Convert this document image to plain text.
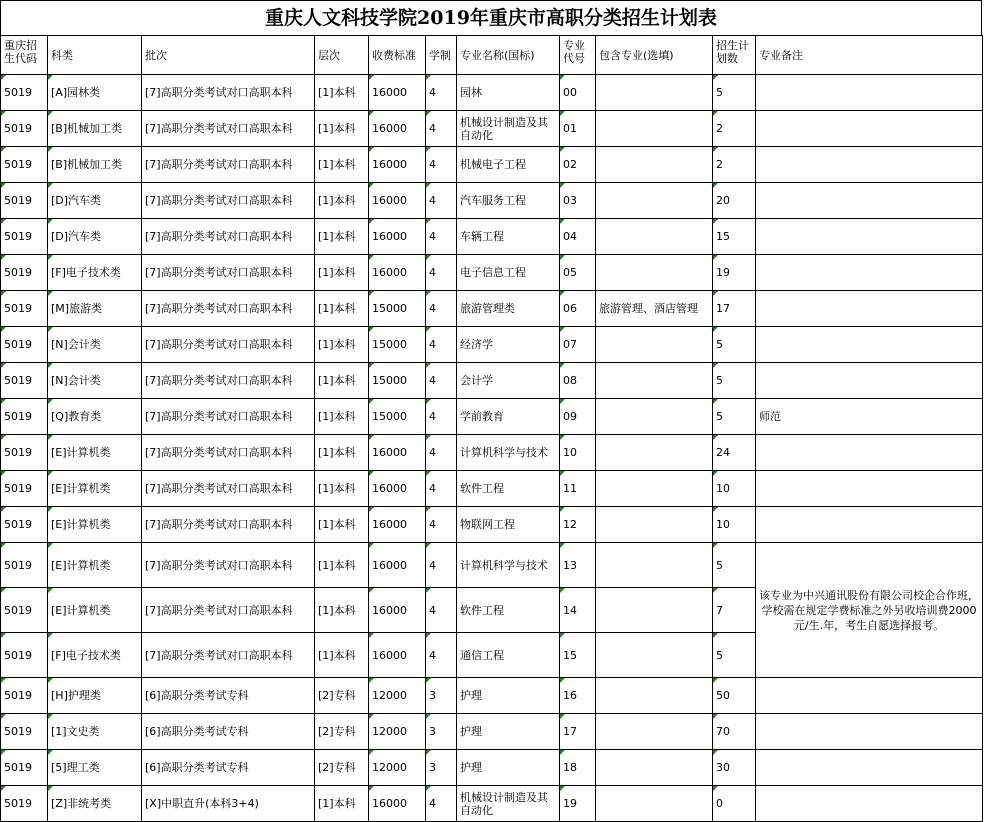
重庆人文科技学院2019年重庆市高职分类招生计划表
重庆招生代码	科类	批次	层次	收费标准	学制	专业名称(国标)	专业代号	包含专业(选填)	招生计划数	专业备注
5019	[A]园林类	[7]高职分类考试对口高职本科	[1]本科	16000	4	园林	00		5	
5019	[B]机械加工类	[7]高职分类考试对口高职本科	[1]本科	16000	4	机械设计制造及其自动化	01		2	
5019	[B]机械加工类	[7]高职分类考试对口高职本科	[1]本科	16000	4	机械电子工程	02		2	
5019	[D]汽车类	[7]高职分类考试对口高职本科	[1]本科	16000	4	汽车服务工程	03		20	
5019	[D]汽车类	[7]高职分类考试对口高职本科	[1]本科	16000	4	车辆工程	04		15	
5019	[F]电子技术类	[7]高职分类考试对口高职本科	[1]本科	16000	4	电子信息工程	05		19	
5019	[M]旅游类	[7]高职分类考试对口高职本科	[1]本科	15000	4	旅游管理类	06	旅游管理、酒店管理	17	
5019	[N]会计类	[7]高职分类考试对口高职本科	[1]本科	15000	4	经济学	07		5	
5019	[N]会计类	[7]高职分类考试对口高职本科	[1]本科	15000	4	会计学	08		5	
5019	[Q]教育类	[7]高职分类考试对口高职本科	[1]本科	15000	4	学前教育	09		5	师范
5019	[E]计算机类	[7]高职分类考试对口高职本科	[1]本科	16000	4	计算机科学与技术	10		24	
5019	[E]计算机类	[7]高职分类考试对口高职本科	[1]本科	16000	4	软件工程	11		10	
5019	[E]计算机类	[7]高职分类考试对口高职本科	[1]本科	16000	4	物联网工程	12		10	
5019	[E]计算机类	[7]高职分类考试对口高职本科	[1]本科	16000	4	计算机科学与技术	13		5	该专业为中兴通讯股份有限公司校企合作班，学校需在规定学费标准之外另收培训费2000元/生.年，考生自愿选择报考。
5019	[E]计算机类	[7]高职分类考试对口高职本科	[1]本科	16000	4	软件工程	14		7	
5019	[F]电子技术类	[7]高职分类考试对口高职本科	[1]本科	16000	4	通信工程	15		5	
5019	[H]护理类	[6]高职分类考试专科	[2]专科	12000	3	护理	16		50	
5019	[1]文史类	[6]高职分类考试专科	[2]专科	12000	3	护理	17		70	
5019	[5]理工类	[6]高职分类考试专科	[2]专科	12000	3	护理	18		30	
5019	[Z]非统考类	[X]中职直升(本科3+4)	[1]本科	16000	4	机械设计制造及其自动化	19		0	
